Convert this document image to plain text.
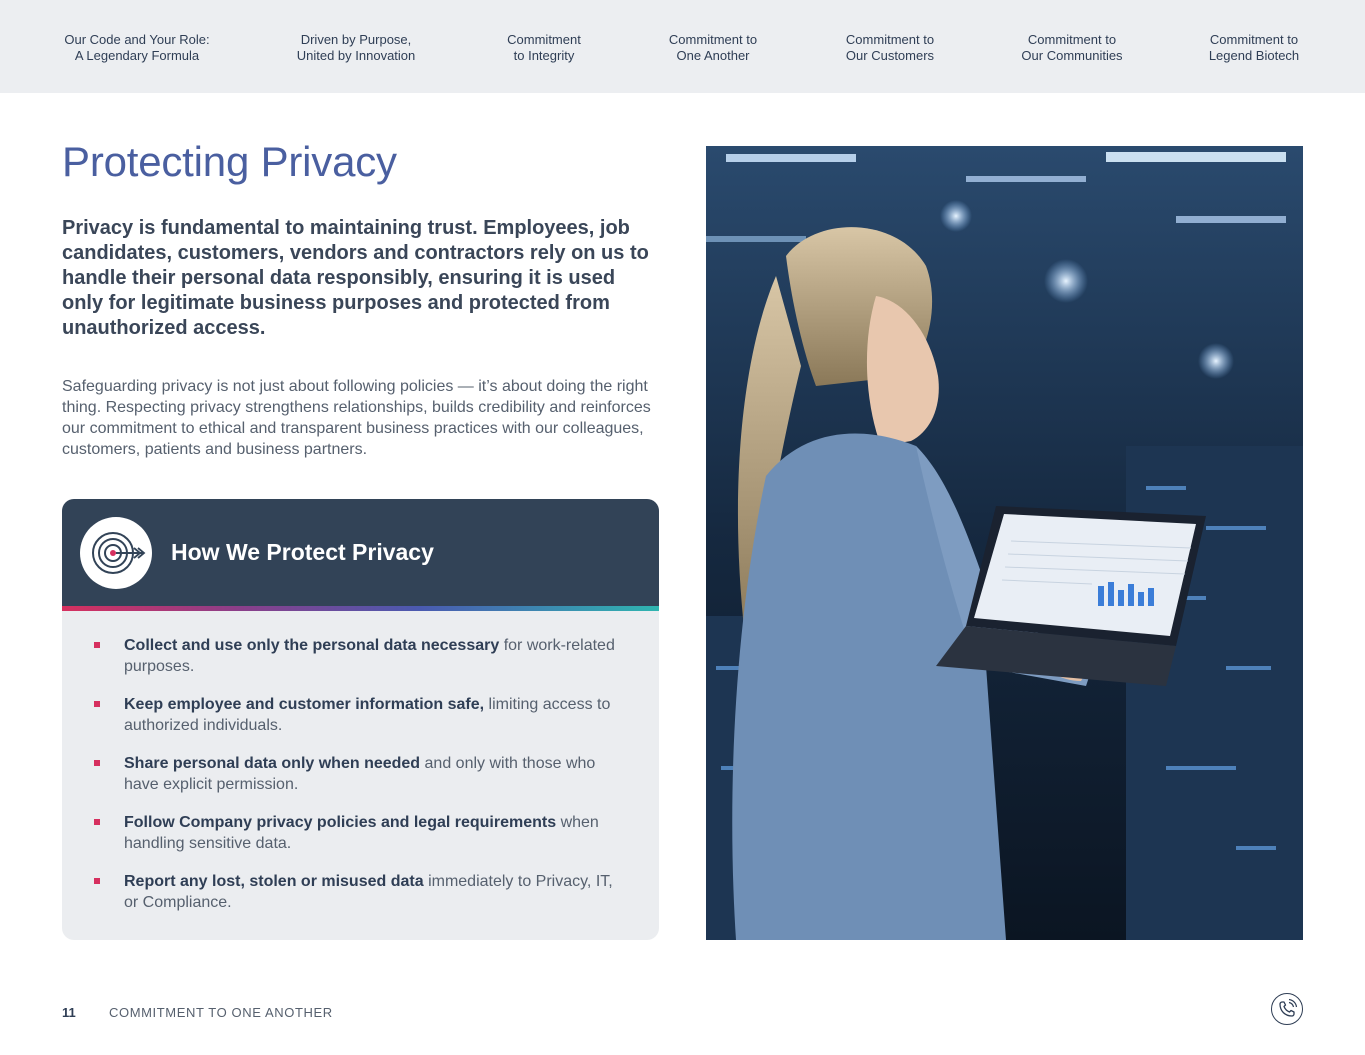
Our Code and Your Role:
A Legendary Formula
Driven by Purpose,
United by Innovation
Commitment
to Integrity
Commitment to
One Another
Commitment to
Our Customers
Commitment to
Our Communities
Commitment to
Legend Biotech
Protecting Privacy

Privacy is fundamental to maintaining trust. Employees, job candidates, customers, vendors and contractors rely on us to handle their personal data responsibly, ensuring it is used only for legitimate business purposes and protected from unauthorized access.

Safeguarding privacy is not just about following policies — it’s about doing the right thing. Respecting privacy strengthens relationships, builds credibility and reinforces our commitment to ethical and transparent business practices with our colleagues, customers, patients and business partners.

How We Protect Privacy
Collect and use only the personal data necessary for work-related purposes.
Keep employee and customer information safe, limiting access to authorized individuals.
Share personal data only when needed and only with those who have explicit permission.
Follow Company privacy policies and legal requirements when handling sensitive data.
Report any lost, stolen or misused data immediately to Privacy, IT, or Compliance.
11	COMMITMENT TO ONE ANOTHER
